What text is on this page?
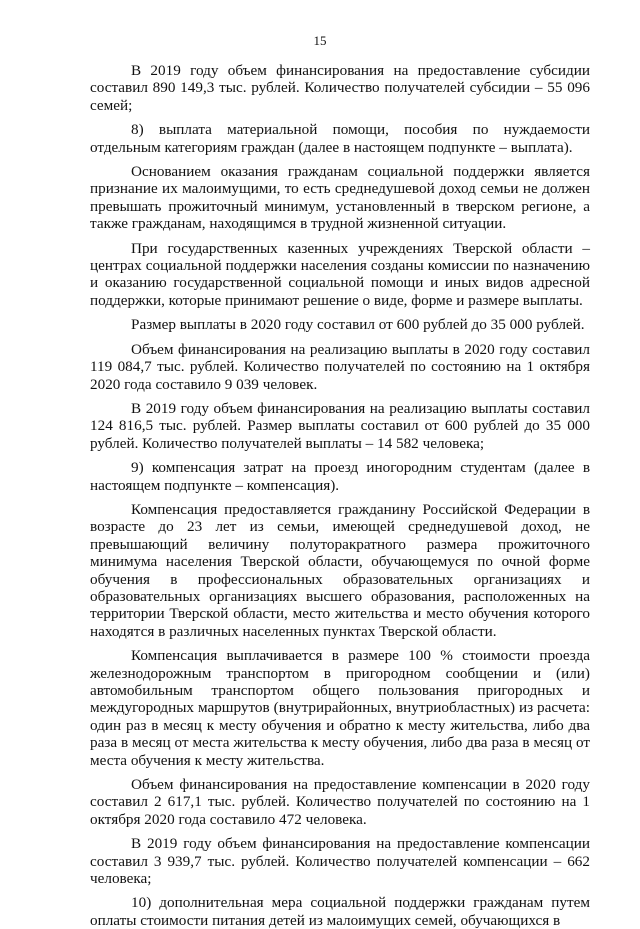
15

В 2019 году объем финансирования на предоставление субсидии составил 890 149,3 тыс. рублей. Количество получателей субсидии – 55 096 семей;

8) выплата материальной помощи, пособия по нуждаемости отдельным категориям граждан (далее в настоящем подпункте – выплата).

Основанием оказания гражданам социальной поддержки является признание их малоимущими, то есть среднедушевой доход семьи не должен превышать прожиточный минимум, установленный в тверском регионе, а также гражданам, находящимся в трудной жизненной ситуации.

При государственных казенных учреждениях Тверской области – центрах социальной поддержки населения созданы комиссии по назначению и оказанию государственной социальной помощи и иных видов адресной поддержки, которые принимают решение о виде, форме и размере выплаты.

Размер выплаты в 2020 году составил от 600 рублей до 35 000 рублей.

Объем финансирования на реализацию выплаты в 2020 году составил 119 084,7 тыс. рублей. Количество получателей по состоянию на 1 октября 2020 года составило 9 039 человек.

В 2019 году объем финансирования на реализацию выплаты составил 124 816,5 тыс. рублей. Размер выплаты составил от 600 рублей до 35 000 рублей. Количество получателей выплаты – 14 582 человека;

9) компенсация затрат на проезд иногородним студентам (далее в настоящем подпункте – компенсация).

Компенсация предоставляется гражданину Российской Федерации в возрасте до 23 лет из семьи, имеющей среднедушевой доход, не превышающий величину полуторакратного размера прожиточного минимума населения Тверской области, обучающемуся по очной форме обучения в профессиональных образовательных организациях и образовательных организациях высшего образования, расположенных на территории Тверской области, место жительства и место обучения которого находятся в различных населенных пунктах Тверской области.

Компенсация выплачивается в размере 100 % стоимости проезда железнодорожным транспортом в пригородном сообщении и (или) автомобильным транспортом общего пользования пригородных и междугородных маршрутов (внутрирайонных, внутриобластных) из расчета: один раз в месяц к месту обучения и обратно к месту жительства, либо два раза в месяц от места жительства к месту обучения, либо два раза в месяц от места обучения к месту жительства.

Объем финансирования на предоставление компенсации в 2020 году составил 2 617,1 тыс. рублей. Количество получателей по состоянию на 1 октября 2020 года составило 472 человека.

В 2019 году объем финансирования на предоставление компенсации составил 3 939,7 тыс. рублей. Количество получателей компенсации – 662 человека;

10) дополнительная мера социальной поддержки гражданам путем оплаты стоимости питания детей из малоимущих семей, обучающихся в
